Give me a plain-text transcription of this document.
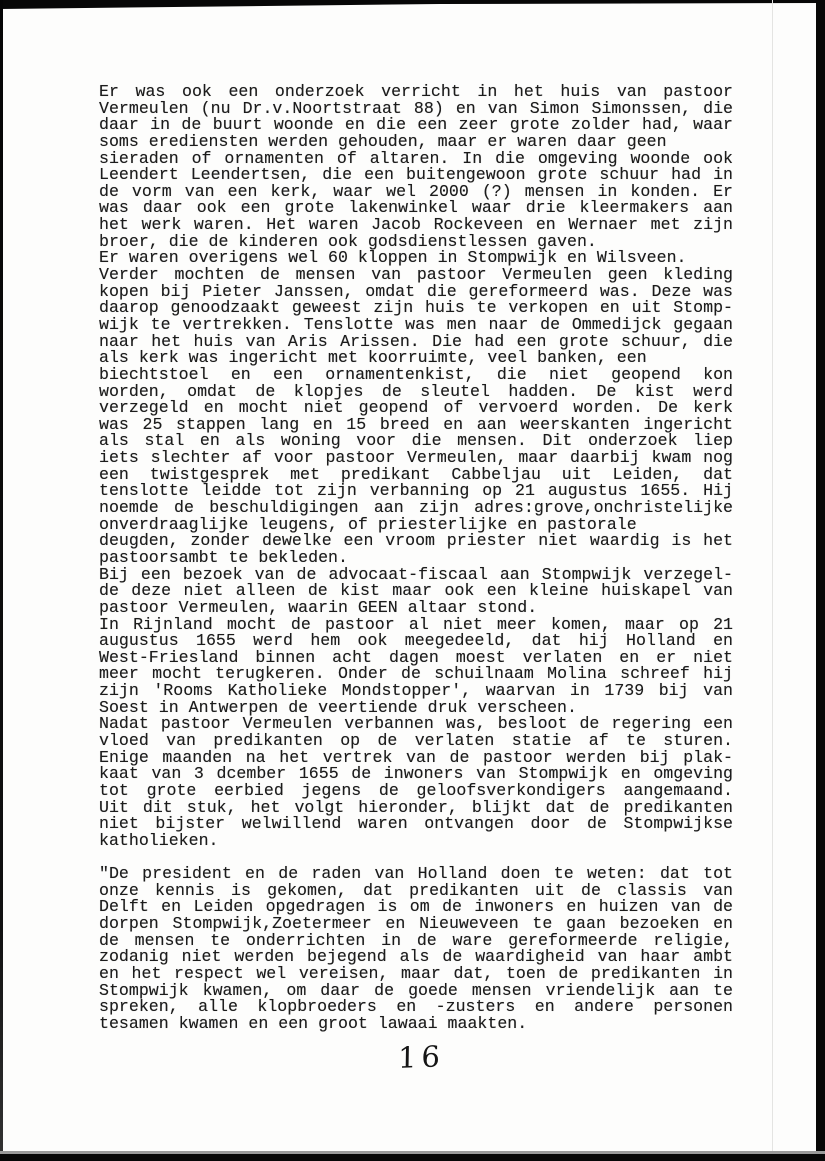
Er was ook een onderzoek verricht in het huis van pastoor
Vermeulen (nu Dr.v.Noortstraat 88) en van Simon Simonssen, die
daar in de buurt woonde en die een zeer grote zolder had, waar
soms erediensten werden gehouden, maar er waren daar geen
sieraden of ornamenten of altaren. In die omgeving woonde ook
Leendert Leendertsen, die een buitengewoon grote schuur had in
de vorm van een kerk, waar wel 2000 (?) mensen in konden. Er
was daar ook een grote lakenwinkel waar drie kleermakers aan
het werk waren. Het waren Jacob Rockeveen en Wernaer met zijn
broer, die de kinderen ook godsdienstlessen gaven.
Er waren overigens wel 60 kloppen in Stompwijk en Wilsveen.
Verder mochten de mensen van pastoor Vermeulen geen kleding
kopen bij Pieter Janssen, omdat die gereformeerd was. Deze was
daarop genoodzaakt geweest zijn huis te verkopen en uit Stomp-
wijk te vertrekken. Tenslotte was men naar de Ommedijck gegaan
naar het huis van Aris Arissen. Die had een grote schuur, die
als kerk was ingericht met koorruimte, veel banken, een
biechtstoel en een ornamentenkist, die niet geopend kon
worden, omdat de klopjes de sleutel hadden. De kist werd
verzegeld en mocht niet geopend of vervoerd worden. De kerk
was 25 stappen lang en 15 breed en aan weerskanten ingericht
als stal en als woning voor die mensen. Dit onderzoek liep
iets slechter af voor pastoor Vermeulen, maar daarbij kwam nog
een twistgesprek met predikant Cabbeljau uit Leiden, dat
tenslotte leidde tot zijn verbanning op 21 augustus 1655. Hij
noemde de beschuldigingen aan zijn adres:grove,onchristelijke
onverdraaglijke leugens, of priesterlijke en pastorale
deugden, zonder dewelke een vroom priester niet waardig is het
pastoorsambt te bekleden.
Bij een bezoek van de advocaat-fiscaal aan Stompwijk verzegel-
de deze niet alleen de kist maar ook een kleine huiskapel van
pastoor Vermeulen, waarin GEEN altaar stond.
In Rijnland mocht de pastoor al niet meer komen, maar op 21
augustus 1655 werd hem ook meegedeeld, dat hij Holland en
West-Friesland binnen acht dagen moest verlaten en er niet
meer mocht terugkeren. Onder de schuilnaam Molina schreef hij
zijn 'Rooms Katholieke Mondstopper', waarvan in 1739 bij van
Soest in Antwerpen de veertiende druk verscheen.
Nadat pastoor Vermeulen verbannen was, besloot de regering een
vloed van predikanten op de verlaten statie af te sturen.
Enige maanden na het vertrek van de pastoor werden bij plak-
kaat van 3 dcember 1655 de inwoners van Stompwijk en omgeving
tot grote eerbied jegens de geloofsverkondigers aangemaand.
Uit dit stuk, het volgt hieronder, blijkt dat de predikanten
niet bijster welwillend waren ontvangen door de Stompwijkse
katholieken.

"De president en de raden van Holland doen te weten: dat tot
onze kennis is gekomen, dat predikanten uit de classis van
Delft en Leiden opgedragen is om de inwoners en huizen van de
dorpen Stompwijk,Zoetermeer en Nieuweveen te gaan bezoeken en
de mensen te onderrichten in de ware gereformeerde religie,
zodanig niet werden bejegend als de waardigheid van haar ambt
en het respect wel vereisen, maar dat, toen de predikanten in
Stompwijk kwamen, om daar de goede mensen vriendelijk aan te
spreken, alle klopbroeders en -zusters en andere personen
tesamen kwamen en een groot lawaai maakten.
16
